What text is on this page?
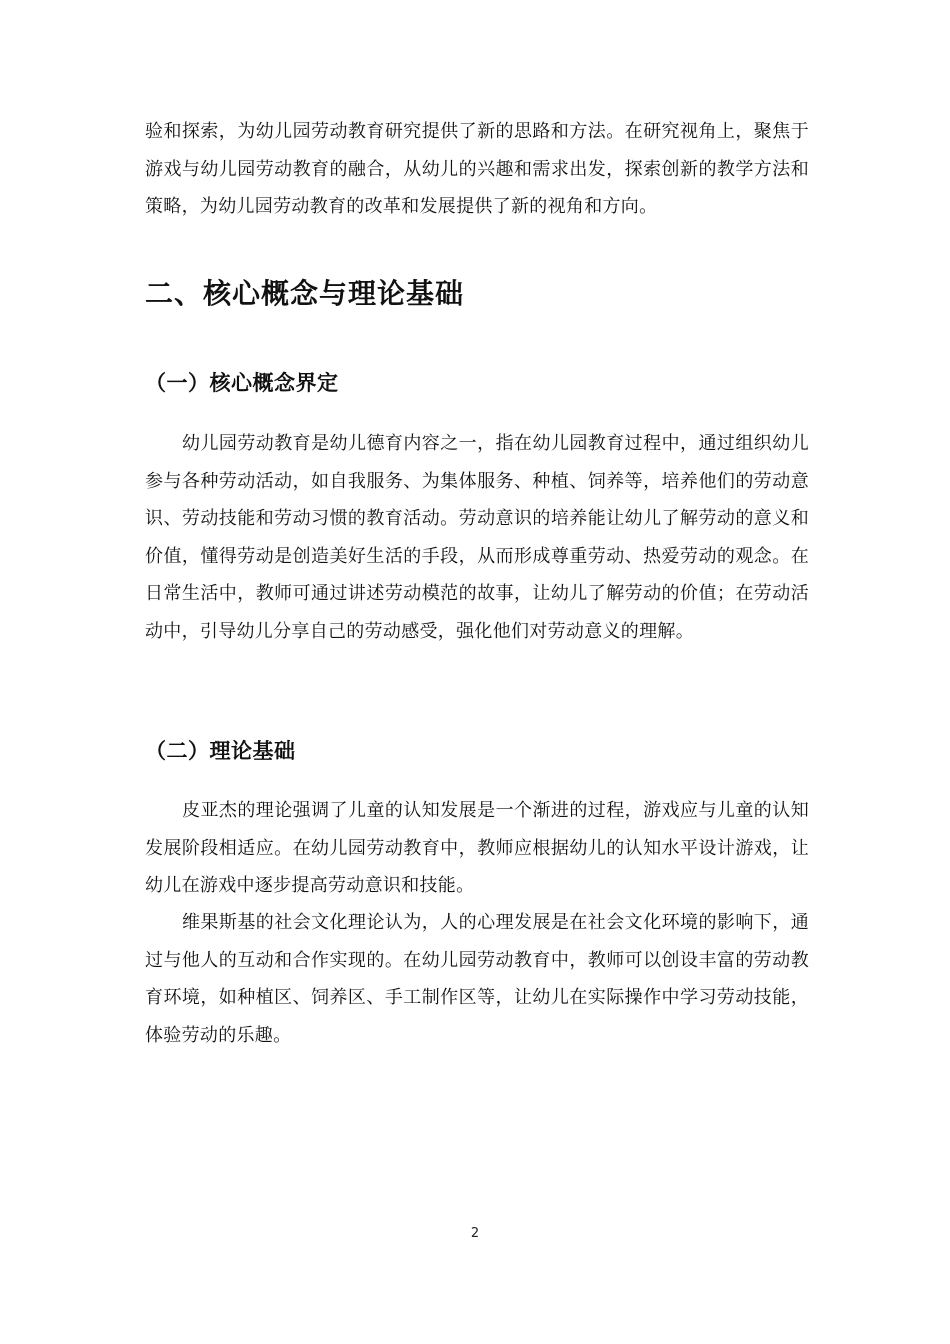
验和探索，为幼儿园劳动教育研究提供了新的思路和方法。在研究视角上，聚焦于游戏与幼儿园劳动教育的融合，从幼儿的兴趣和需求出发，探索创新的教学方法和策略，为幼儿园劳动教育的改革和发展提供了新的视角和方向。

二、核心概念与理论基础
（一）核心概念界定

幼儿园劳动教育是幼儿德育内容之一，指在幼儿园教育过程中，通过组织幼儿参与各种劳动活动，如自我服务、为集体服务、种植、饲养等，培养他们的劳动意识、劳动技能和劳动习惯的教育活动。劳动意识的培养能让幼儿了解劳动的意义和价值，懂得劳动是创造美好生活的手段，从而形成尊重劳动、热爱劳动的观念。在日常生活中，教师可通过讲述劳动模范的故事，让幼儿了解劳动的价值；在劳动活动中，引导幼儿分享自己的劳动感受，强化他们对劳动意义的理解。

（二）理论基础

皮亚杰的理论强调了儿童的认知发展是一个渐进的过程，游戏应与儿童的认知发展阶段相适应。在幼儿园劳动教育中，教师应根据幼儿的认知水平设计游戏，让幼儿在游戏中逐步提高劳动意识和技能。

维果斯基的社会文化理论认为，人的心理发展是在社会文化环境的影响下，通过与他人的互动和合作实现的。在幼儿园劳动教育中，教师可以创设丰富的劳动教育环境，如种植区、饲养区、手工制作区等，让幼儿在实际操作中学习劳动技能，体验劳动的乐趣。

2
